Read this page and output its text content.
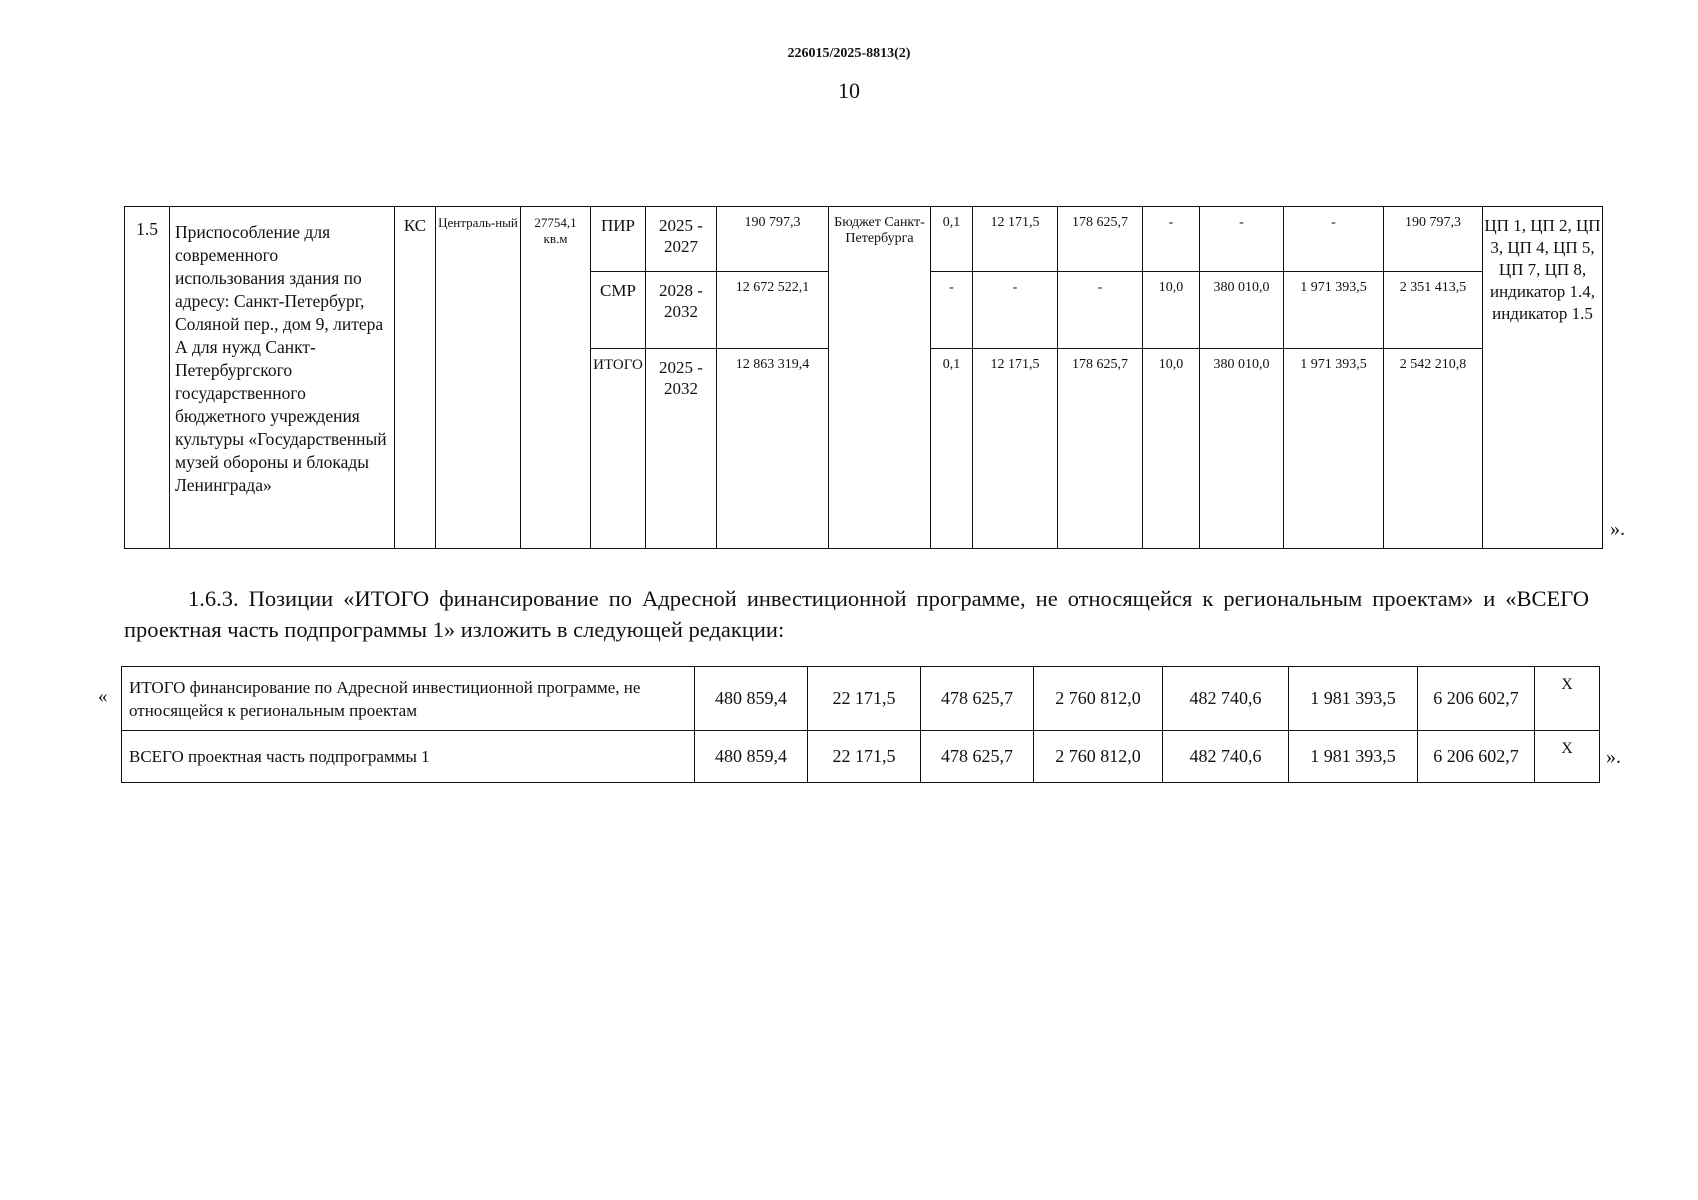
226015/2025-8813(2)
10
1.5	Приспособление для современного использования здания по адресу: Санкт-Петербург, Соляной пер., дом 9, литера А для нужд Санкт-Петербургского государственного бюджетного учреждения культуры «Государственный музей обороны и блокады Ленинграда»	КС	Централь-ный	27754,1 кв.м	ПИР	2025 - 2027	190 797,3	Бюджет Санкт-Петербурга	0,1	12 171,5	178 625,7	-	-	-	190 797,3	ЦП 1, ЦП 2, ЦП 3, ЦП 4, ЦП 5, ЦП 7, ЦП 8, индикатор 1.4, индикатор 1.5
					СМР	2028 - 2032	12 672 522,1		-	-	-	10,0	380 010,0	1 971 393,5	2 351 413,5	
					ИТОГО	2025 - 2032	12 863 319,4		0,1	12 171,5	178 625,7	10,0	380 010,0	1 971 393,5	2 542 210,8	
».
1.6.3. Позиции «ИТОГО финансирование по Адресной инвестиционной программе, не относящейся к региональным проектам» и «ВСЕГО проектная часть подпрограммы 1» изложить в следующей редакции:
« ИТОГО финансирование по Адресной инвестиционной программе, не относящейся к региональным проектам	480 859,4	22 171,5	478 625,7	2 760 812,0	482 740,6	1 981 393,5	6 206 602,7	Х
ВСЕГО проектная часть подпрограммы 1	480 859,4	22 171,5	478 625,7	2 760 812,0	482 740,6	1 981 393,5	6 206 602,7	Х ».
